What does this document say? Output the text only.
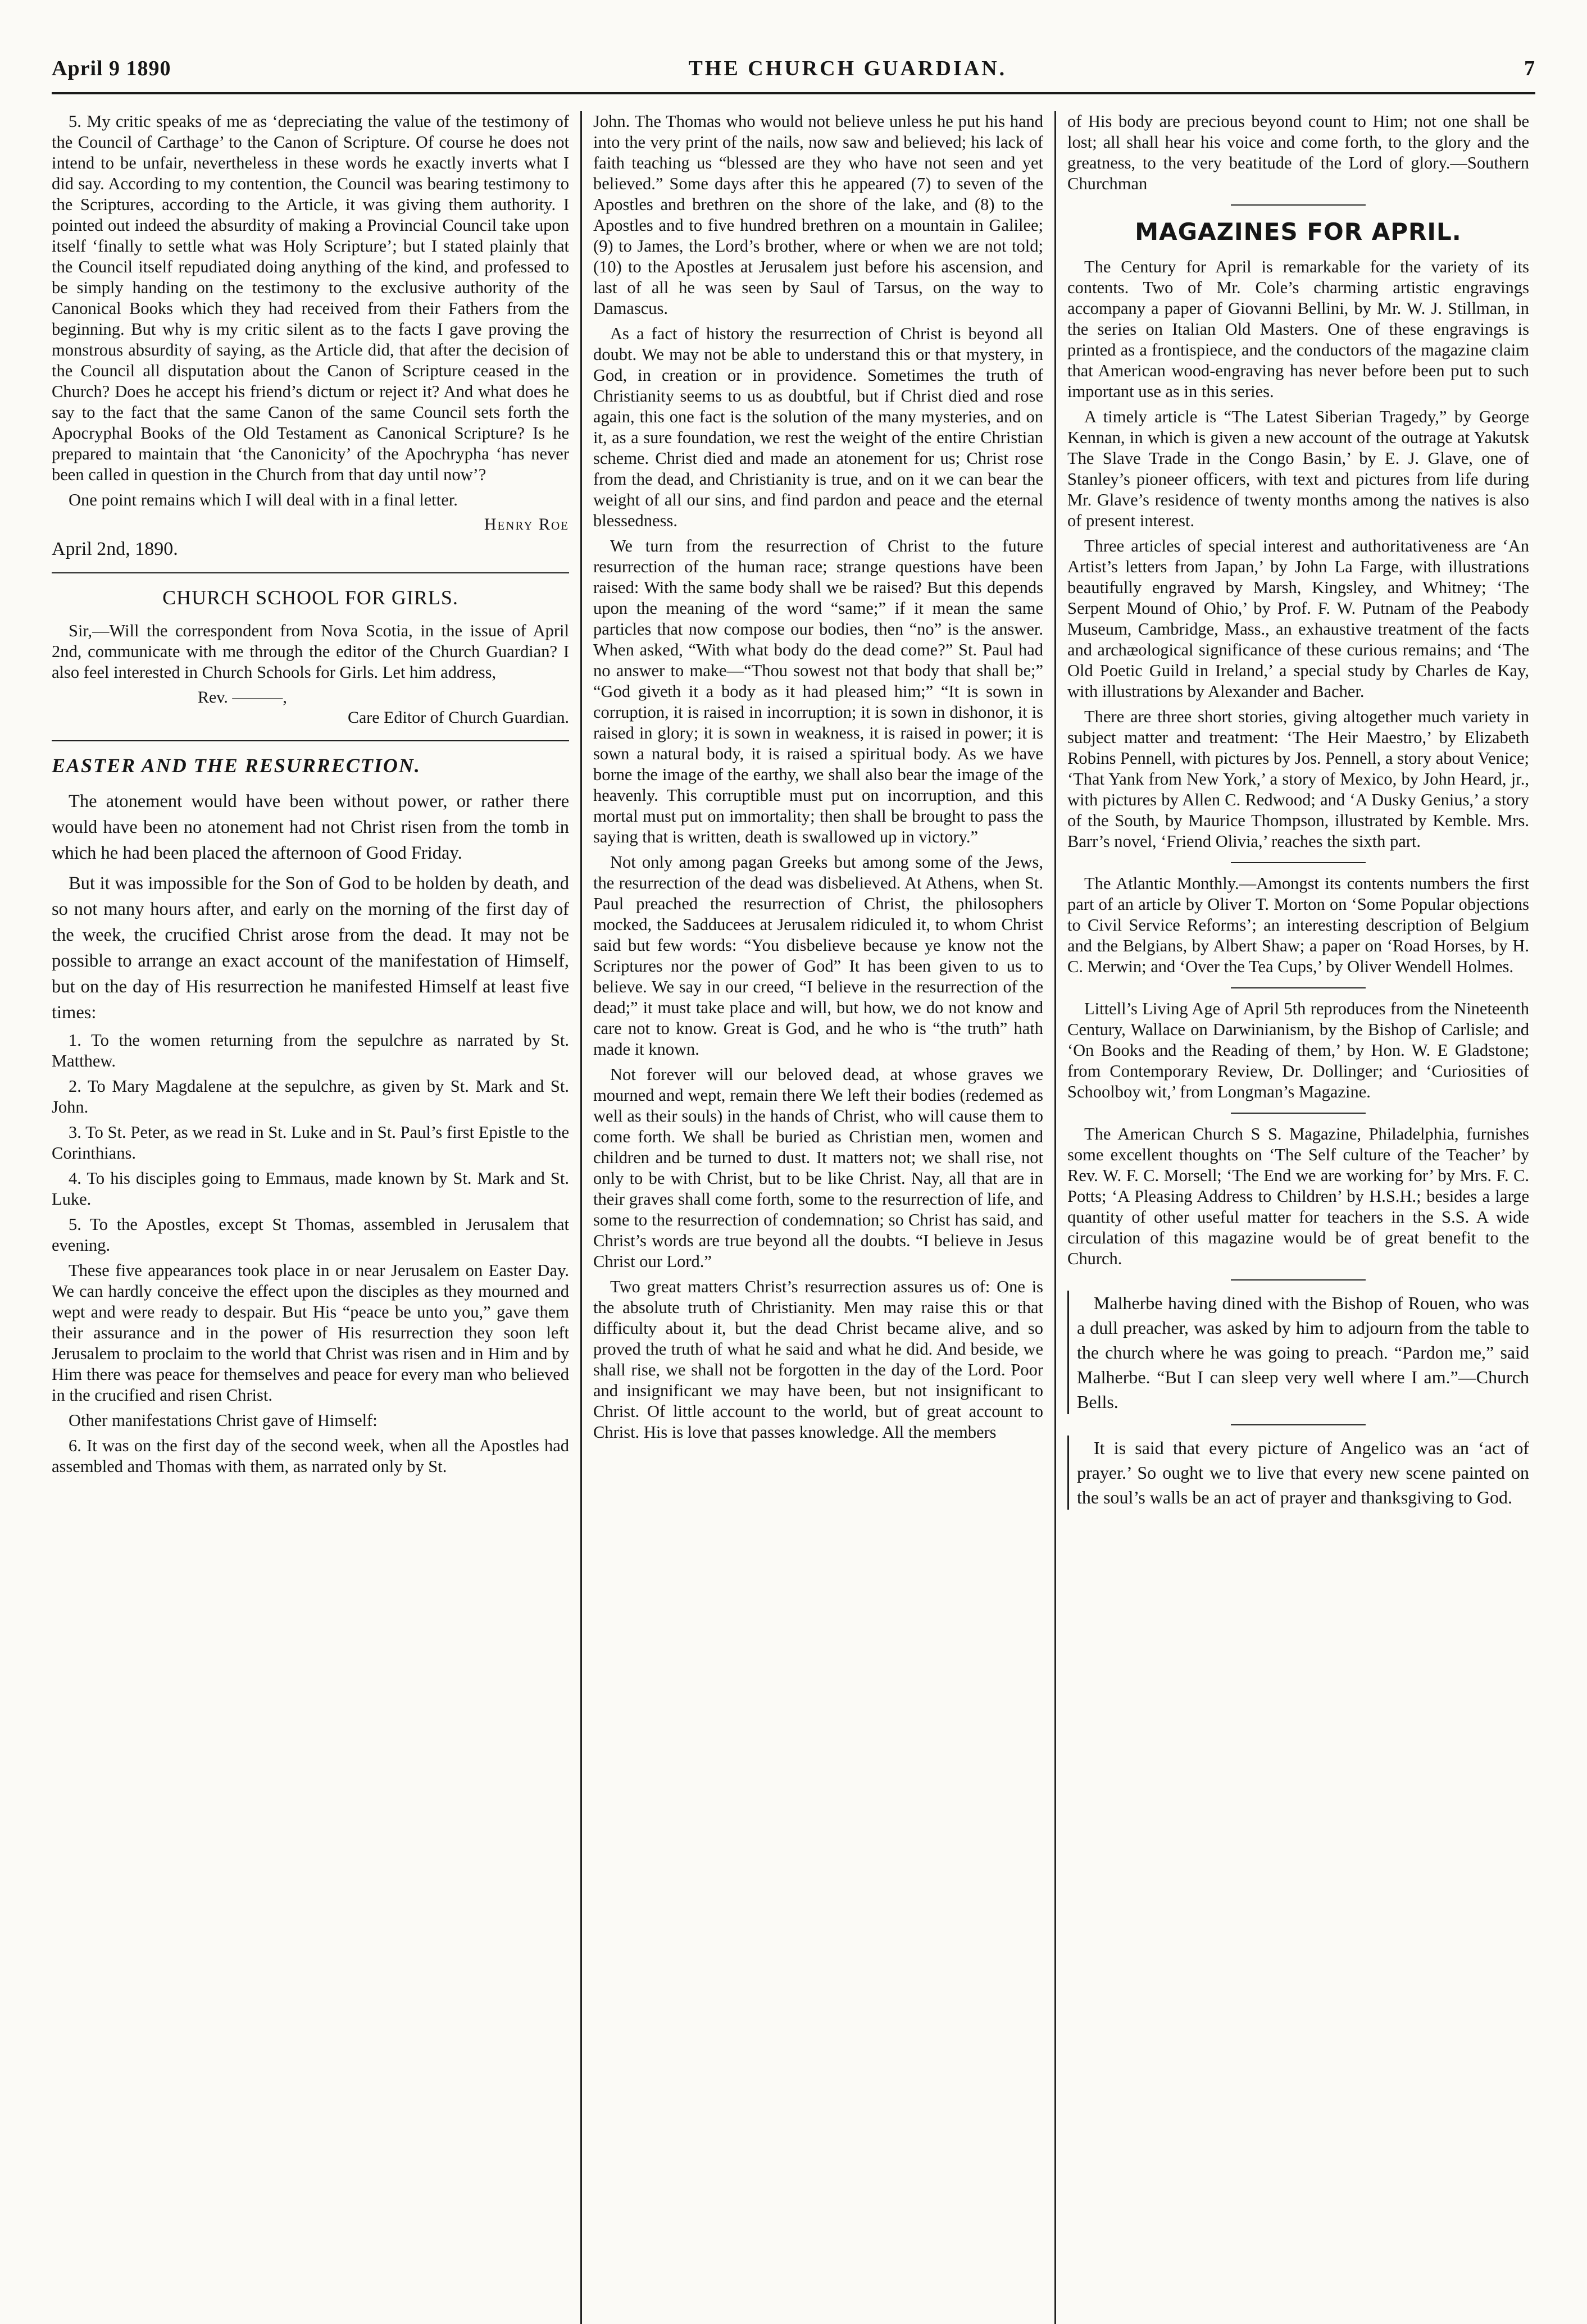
April 9 1890	THE CHURCH GUARDIAN.	7

5. My critic speaks of me as ‘depreciating the value of the testimony of the Council of Carthage’ to the Canon of Scripture. Of course he does not intend to be unfair, nevertheless in these words he exactly inverts what I did say. According to my contention, the Council was bearing testimony to the Scriptures, according to the Article, it was giving them authority. I pointed out indeed the absurdity of making a Provincial Council take upon itself ‘finally to settle what was Holy Scripture’; but I stated plainly that the Council itself repudiated doing anything of the kind, and professed to be simply handing on the testimony to the exclusive authority of the Canonical Books which they had received from their Fathers from the beginning. But why is my critic silent as to the facts I gave proving the monstrous absurdity of saying, as the Article did, that after the decision of the Council all disputation about the Canon of Scripture ceased in the Church? Does he accept his friend’s dictum or reject it? And what does he say to the fact that the same Canon of the same Council sets forth the Apocryphal Books of the Old Testament as Canonical Scripture? Is he prepared to maintain that ‘the Canonicity’ of the Apochrypha ‘has never been called in question in the Church from that day until now’?

One point remains which I will deal with in a final letter.

Henry Roe
April 2nd, 1890.
CHURCH SCHOOL FOR GIRLS.

Sir,—Will the correspondent from Nova Scotia, in the issue of April 2nd, communicate with me through the editor of the Church Guardian? I also feel interested in Church Schools for Girls. Let him address,

Rev. ———,
Care Editor of Church Guardian.
EASTER AND THE RESURRECTION.

The atonement would have been without power, or rather there would have been no atonement had not Christ risen from the tomb in which he had been placed the afternoon of Good Friday.

But it was impossible for the Son of God to be holden by death, and so not many hours after, and early on the morning of the first day of the week, the crucified Christ arose from the dead. It may not be possible to arrange an exact account of the manifestation of Himself, but on the day of His resurrection he manifested Himself at least five times:

1. To the women returning from the sepulchre as narrated by St. Matthew.

2. To Mary Magdalene at the sepulchre, as given by St. Mark and St. John.

3. To St. Peter, as we read in St. Luke and in St. Paul’s first Epistle to the Corinthians.

4. To his disciples going to Emmaus, made known by St. Mark and St. Luke.

5. To the Apostles, except St Thomas, assembled in Jerusalem that evening.

These five appearances took place in or near Jerusalem on Easter Day. We can hardly conceive the effect upon the disciples as they mourned and wept and were ready to despair. But His “peace be unto you,” gave them their assurance and in the power of His resurrection they soon left Jerusalem to proclaim to the world that Christ was risen and in Him and by Him there was peace for themselves and peace for every man who believed in the crucified and risen Christ.

Other manifestations Christ gave of Himself:

6. It was on the first day of the second week, when all the Apostles had assembled and Thomas with them, as narrated only by St.

John. The Thomas who would not believe unless he put his hand into the very print of the nails, now saw and believed; his lack of faith teaching us “blessed are they who have not seen and yet believed.” Some days after this he appeared (7) to seven of the Apostles and brethren on the shore of the lake, and (8) to the Apostles and to five hundred brethren on a mountain in Galilee; (9) to James, the Lord’s brother, where or when we are not told; (10) to the Apostles at Jerusalem just before his ascension, and last of all he was seen by Saul of Tarsus, on the way to Damascus.

As a fact of history the resurrection of Christ is beyond all doubt. We may not be able to understand this or that mystery, in God, in creation or in providence. Sometimes the truth of Christianity seems to us as doubtful, but if Christ died and rose again, this one fact is the solution of the many mysteries, and on it, as a sure foundation, we rest the weight of the entire Christian scheme. Christ died and made an atonement for us; Christ rose from the dead, and Christianity is true, and on it we can bear the weight of all our sins, and find pardon and peace and the eternal blessedness.

We turn from the resurrection of Christ to the future resurrection of the human race; strange questions have been raised: With the same body shall we be raised? But this depends upon the meaning of the word “same;” if it mean the same particles that now compose our bodies, then “no” is the answer. When asked, “With what body do the dead come?” St. Paul had no answer to make—“Thou sowest not that body that shall be;” “God giveth it a body as it had pleased him;” “It is sown in corruption, it is raised in incorruption; it is sown in dishonor, it is raised in glory; it is sown in weakness, it is raised in power; it is sown a natural body, it is raised a spiritual body. As we have borne the image of the earthy, we shall also bear the image of the heavenly. This corruptible must put on incorruption, and this mortal must put on immortality; then shall be brought to pass the saying that is written, death is swallowed up in victory.”

Not only among pagan Greeks but among some of the Jews, the resurrection of the dead was disbelieved. At Athens, when St. Paul preached the resurrection of Christ, the philosophers mocked, the Sadducees at Jerusalem ridiculed it, to whom Christ said but few words: “You disbelieve because ye know not the Scriptures nor the power of God” It has been given to us to believe. We say in our creed, “I believe in the resurrection of the dead;” it must take place and will, but how, we do not know and care not to know. Great is God, and he who is “the truth” hath made it known.

Not forever will our beloved dead, at whose graves we mourned and wept, remain there We left their bodies (redemed as well as their souls) in the hands of Christ, who will cause them to come forth. We shall be buried as Christian men, women and children and be turned to dust. It matters not; we shall rise, not only to be with Christ, but to be like Christ. Nay, all that are in their graves shall come forth, some to the resurrection of life, and some to the resurrection of condemnation; so Christ has said, and Christ’s words are true beyond all the doubts. “I believe in Jesus Christ our Lord.”

Two great matters Christ’s resurrection assures us of: One is the absolute truth of Christianity. Men may raise this or that difficulty about it, but the dead Christ became alive, and so proved the truth of what he said and what he did. And beside, we shall rise, we shall not be forgotten in the day of the Lord. Poor and insignificant we may have been, but not insignificant to Christ. Of little account to the world, but of great account to Christ. His is love that passes knowledge. All the members

of His body are precious beyond count to Him; not one shall be lost; all shall hear his voice and come forth, to the glory and the greatness, to the very beatitude of the Lord of glory.—Southern Churchman

MAGAZINES FOR APRIL.

The Century for April is remarkable for the variety of its contents. Two of Mr. Cole’s charming artistic engravings accompany a paper of Giovanni Bellini, by Mr. W. J. Stillman, in the series on Italian Old Masters. One of these engravings is printed as a frontispiece, and the conductors of the magazine claim that American wood-engraving has never before been put to such important use as in this series.

A timely article is “The Latest Siberian Tragedy,” by George Kennan, in which is given a new account of the outrage at Yakutsk The Slave Trade in the Congo Basin,’ by E. J. Glave, one of Stanley’s pioneer officers, with text and pictures from life during Mr. Glave’s residence of twenty months among the natives is also of present interest.

Three articles of special interest and authoritativeness are ‘An Artist’s letters from Japan,’ by John La Farge, with illustrations beautifully engraved by Marsh, Kingsley, and Whitney; ‘The Serpent Mound of Ohio,’ by Prof. F. W. Putnam of the Peabody Museum, Cambridge, Mass., an exhaustive treatment of the facts and archæological significance of these curious remains; and ‘The Old Poetic Guild in Ireland,’ a special study by Charles de Kay, with illustrations by Alexander and Bacher.

There are three short stories, giving altogether much variety in subject matter and treatment: ‘The Heir Maestro,’ by Elizabeth Robins Pennell, with pictures by Jos. Pennell, a story about Venice; ‘That Yank from New York,’ a story of Mexico, by John Heard, jr., with pictures by Allen C. Redwood; and ‘A Dusky Genius,’ a story of the South, by Maurice Thompson, illustrated by Kemble. Mrs. Barr’s novel, ‘Friend Olivia,’ reaches the sixth part.

The Atlantic Monthly.—Amongst its contents numbers the first part of an article by Oliver T. Morton on ‘Some Popular objections to Civil Service Reforms’; an interesting description of Belgium and the Belgians, by Albert Shaw; a paper on ‘Road Horses, by H. C. Merwin; and ‘Over the Tea Cups,’ by Oliver Wendell Holmes.

Littell’s Living Age of April 5th reproduces from the Nineteenth Century, Wallace on Darwinianism, by the Bishop of Carlisle; and ‘On Books and the Reading of them,’ by Hon. W. E Gladstone; from Contemporary Review, Dr. Dollinger; and ‘Curiosities of Schoolboy wit,’ from Longman’s Magazine.

The American Church S S. Magazine, Philadelphia, furnishes some excellent thoughts on ‘The Self culture of the Teacher’ by Rev. W. F. C. Morsell; ‘The End we are working for’ by Mrs. F. C. Potts; ‘A Pleasing Address to Children’ by H.S.H.; besides a large quantity of other useful matter for teachers in the S.S. A wide circulation of this magazine would be of great benefit to the Church.

Malherbe having dined with the Bishop of Rouen, who was a dull preacher, was asked by him to adjourn from the table to the church where he was going to preach. “Pardon me,” said Malherbe. “But I can sleep very well where I am.”—Church Bells.

It is said that every picture of Angelico was an ‘act of prayer.’ So ought we to live that every new scene painted on the soul’s walls be an act of prayer and thanksgiving to God.
